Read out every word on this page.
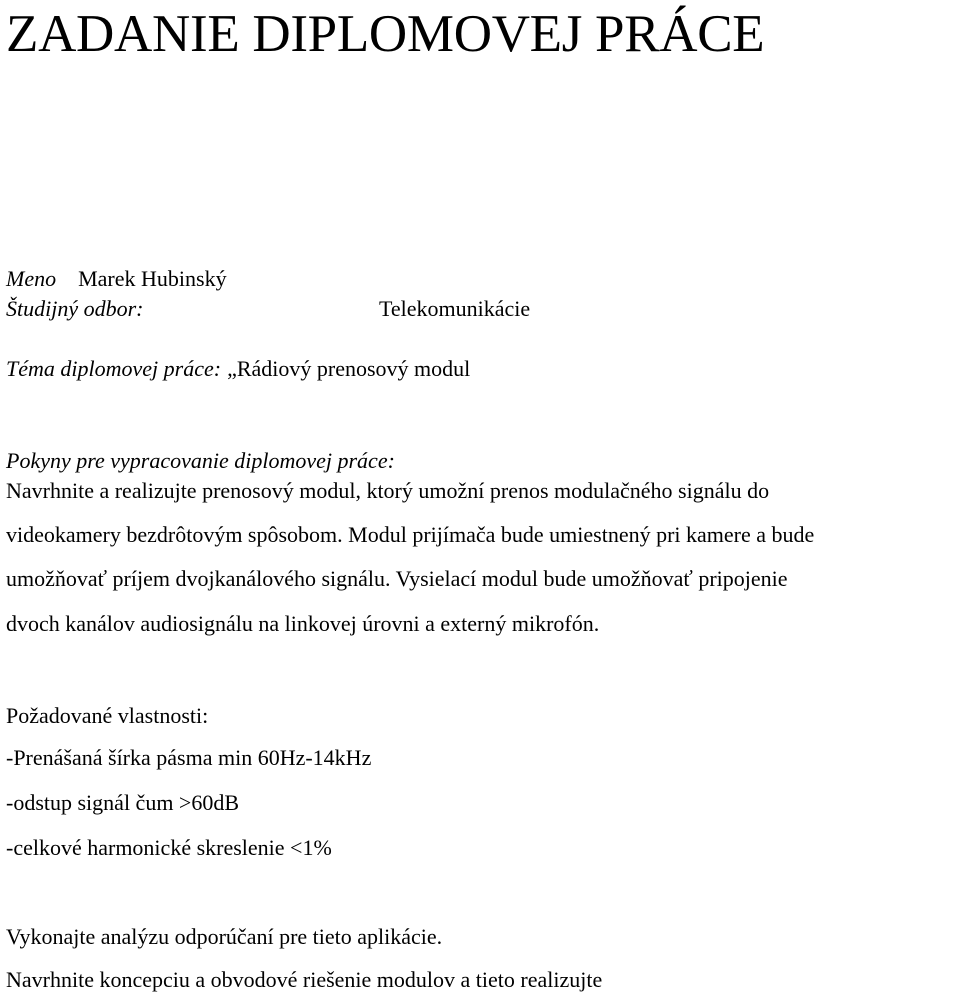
ZADANIE DIPLOMOVEJ PRÁCE
Meno Marek Hubinský
Študijný odbor:	Telekomunikácie
Téma diplomovej práce: „Rádiový prenosový modul
Pokyny pre vypracovanie diplomovej práce:
Navrhnite a realizujte prenosový modul, ktorý umožní prenos modulačného signálu do
videokamery bezdrôtovým spôsobom. Modul prijímača bude umiestnený pri kamere a bude
umožňovať príjem dvojkanálového signálu. Vysielací modul bude umožňovať pripojenie
dvoch kanálov audiosignálu na linkovej úrovni a externý mikrofón.
Požadované vlastnosti:
-Prenášaná šírka pásma min 60Hz-14kHz
-odstup signál čum >60dB
-celkové harmonické skreslenie <1%
Vykonajte analýzu odporúčaní pre tieto aplikácie.
Navrhnite koncepciu a obvodové riešenie modulov a tieto realizujte
